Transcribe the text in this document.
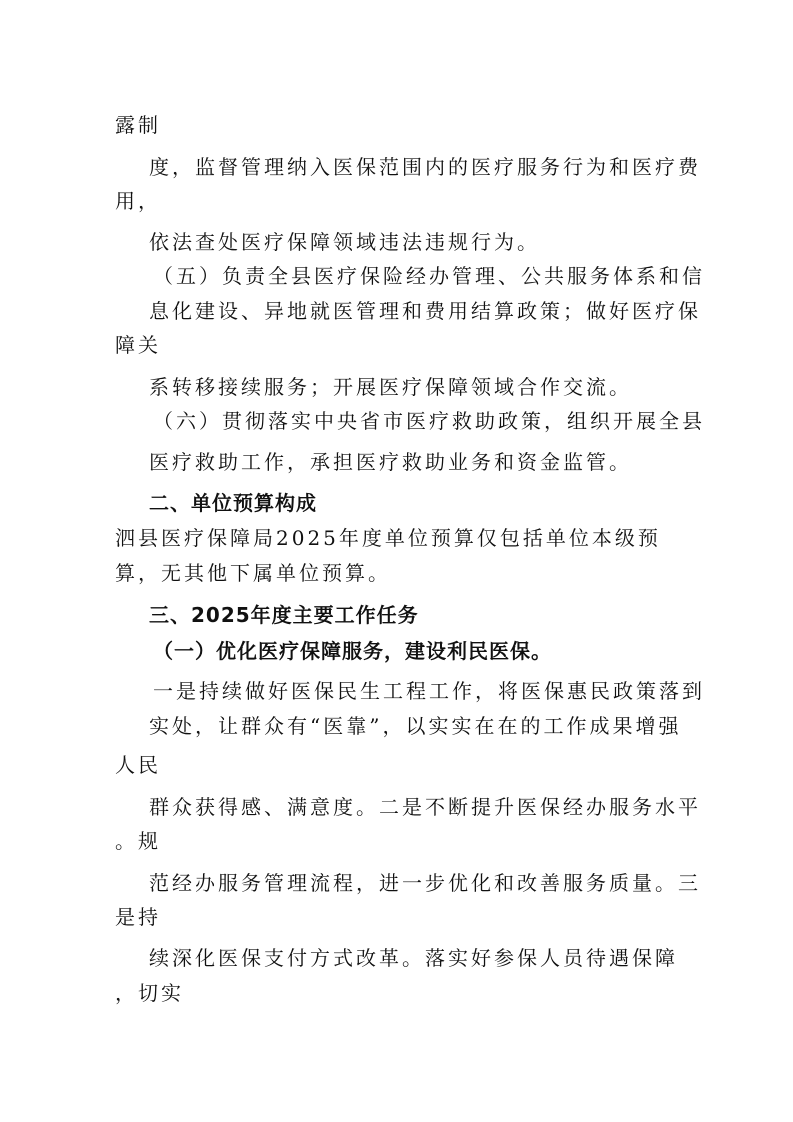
露制
度，监督管理纳入医保范围内的医疗服务行为和医疗费
用，
依法查处医疗保障领域违法违规行为。
（五）负责全县医疗保险经办管理、公共服务体系和信
息化建设、异地就医管理和费用结算政策；做好医疗保
障关
系转移接续服务；开展医疗保障领域合作交流。
（六）贯彻落实中央省市医疗救助政策，组织开展全县
医疗救助工作，承担医疗救助业务和资金监管。
二、单位预算构成
泗县医疗保障局2025年度单位预算仅包括单位本级预
算，无其他下属单位预算。
三、2025年度主要工作任务
（一）优化医疗保障服务，建设利民医保。
一是持续做好医保民生工程工作，将医保惠民政策落到
实处，让群众有“医靠”，以实实在在的工作成果增强
人民
群众获得感、满意度。二是不断提升医保经办服务水平
。规
范经办服务管理流程，进一步优化和改善服务质量。三
是持
续深化医保支付方式改革。落实好参保人员待遇保障
，切实
